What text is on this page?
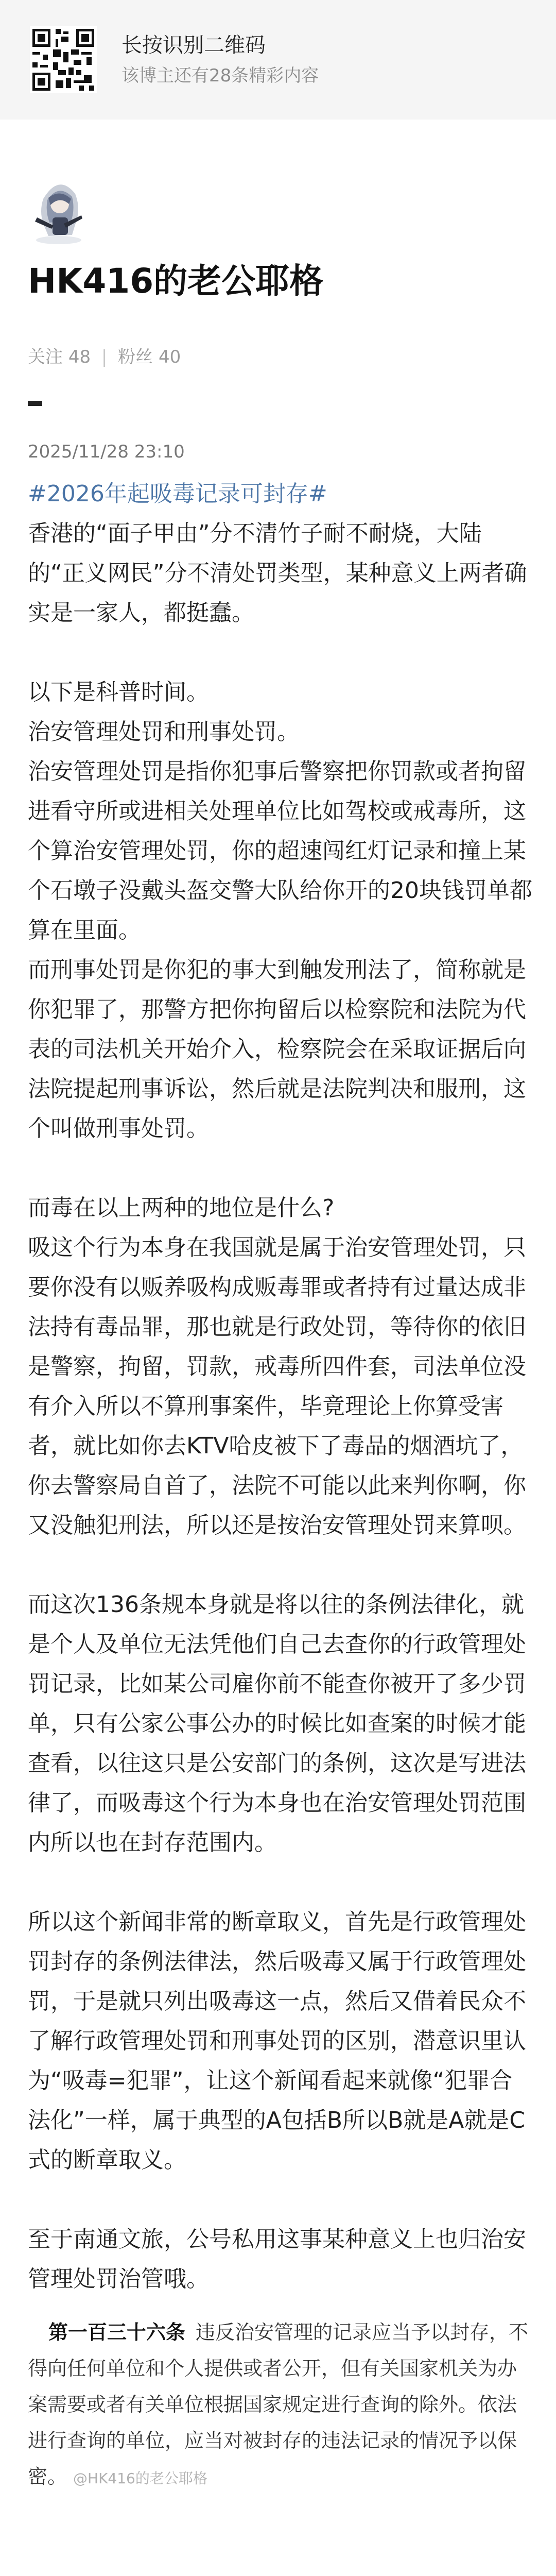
长按识别二维码
该博主还有28条精彩内容
HK416的老公耶格
关注 48 | 粉丝 40
2025/11/28 23:10

#2026年起吸毒记录可封存#

香港的“面子甲由”分不清竹子耐不耐烧，大陆的“正义网民”分不清处罚类型，某种意义上两者确实是一家人，都挺蠢。

以下是科普时间。

治安管理处罚和刑事处罚。

治安管理处罚是指你犯事后警察把你罚款或者拘留进看守所或进相关处理单位比如驾校或戒毒所，这个算治安管理处罚，你的超速闯红灯记录和撞上某个石墩子没戴头盔交警大队给你开的20块钱罚单都算在里面。

而刑事处罚是你犯的事大到触发刑法了，简称就是你犯罪了，那警方把你拘留后以检察院和法院为代表的司法机关开始介入，检察院会在采取证据后向法院提起刑事诉讼，然后就是法院判决和服刑，这个叫做刑事处罚。

而毒在以上两种的地位是什么?

吸这个行为本身在我国就是属于治安管理处罚，只要你没有以贩养吸构成贩毒罪或者持有过量达成非法持有毒品罪，那也就是行政处罚，等待你的依旧是警察，拘留，罚款，戒毒所四件套，司法单位没有介入所以不算刑事案件，毕竟理论上你算受害者，就比如你去KTV哈皮被下了毒品的烟酒坑了，你去警察局自首了，法院不可能以此来判你啊，你又没触犯刑法，所以还是按治安管理处罚来算呗。

而这次136条规本身就是将以往的条例法律化，就是个人及单位无法凭他们自己去查你的行政管理处罚记录，比如某公司雇你前不能查你被开了多少罚单，只有公家公事公办的时候比如查案的时候才能查看，以往这只是公安部门的条例，这次是写进法律了，而吸毒这个行为本身也在治安管理处罚范围内所以也在封存范围内。

所以这个新闻非常的断章取义，首先是行政管理处罚封存的条例法律法，然后吸毒又属于行政管理处罚，于是就只列出吸毒这一点，然后又借着民众不了解行政管理处罚和刑事处罚的区别，潜意识里认为“吸毒=犯罪”，让这个新闻看起来就像“犯罪合法化”一样，属于典型的A包括B所以B就是A就是C式的断章取义。

至于南通文旅，公号私用这事某种意义上也归治安管理处罚治管哦。

第一百三十六条 违反治安管理的记录应当予以封存，不得向任何单位和个人提供或者公开，但有关国家机关为办案需要或者有关单位根据国家规定进行查询的除外。依法进行查询的单位，应当对被封存的违法记录的情况予以保密。 @HK416的老公耶格
